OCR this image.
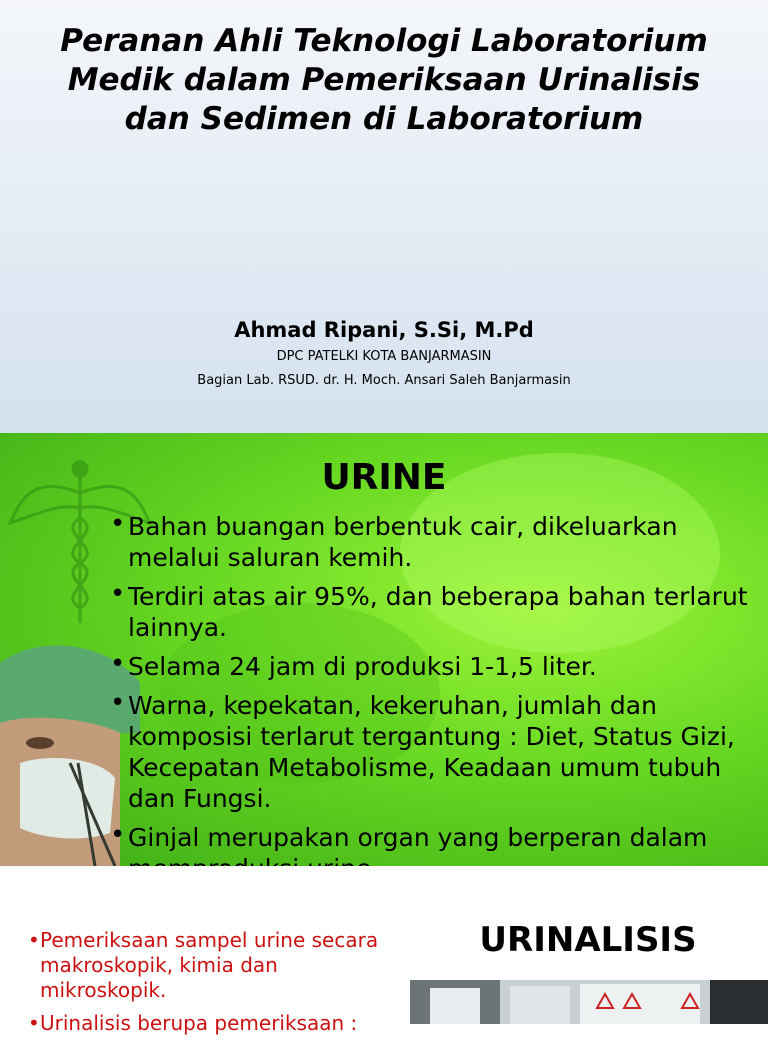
Peranan Ahli Teknologi Laboratorium Medik dalam Pemeriksaan Urinalisis dan Sedimen di Laboratorium

Ahmad Ripani, S.Si, M.Pd

DPC PATELKI KOTA BANJARMASIN

Bagian Lab. RSUD. dr. H. Moch. Ansari Saleh Banjarmasin

URINE
• Bahan buangan berbentuk cair, dikeluarkan melalui saluran kemih.
• Terdiri atas air 95%, dan beberapa bahan terlarut lainnya.
• Selama 24 jam di produksi 1-1,5 liter.
• Warna, kepekatan, kekeruhan, jumlah dan komposisi terlarut tergantung : Diet, Status Gizi, Kecepatan Metabolisme, Keadaan umum tubuh dan Fungsi.
• Ginjal merupakan organ yang berperan dalam
• Pemeriksaan sampel urine secara makroskopik, kimia dan mikroskopik.
• Urinalisis berupa pemeriksaan :
URINALISIS
